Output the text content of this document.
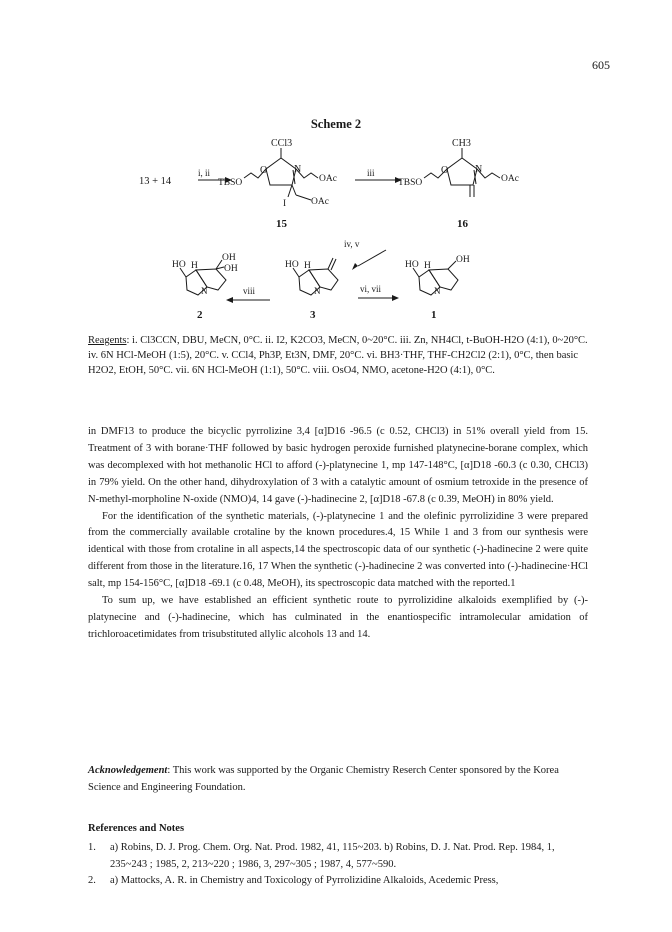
605
Scheme 2
13 + 14
i, ii	iii
iv, v
vi, vii
viii
CCl3
O	N
TBSO	OAc
I	OAc
15
CH3
O	N
TBSO	OAc
16
HO H
OH
OH
N
2
HO H
N
3
HO H
OH
N
1
Reagents: i. Cl3CCN, DBU, MeCN, 0°C. ii. I2, K2CO3, MeCN, 0~20°C. iii. Zn, NH4Cl, t-BuOH-H2O (4:1), 0~20°C. iv. 6N HCl-MeOH (1:5), 20°C. v. CCl4, Ph3P, Et3N, DMF, 20°C. vi. BH3·THF, THF-CH2Cl2 (2:1), 0°C, then basic H2O2, EtOH, 50°C. vii. 6N HCl-MeOH (1:1), 50°C. viii. OsO4, NMO, acetone-H2O (4:1), 0°C.

in DMF13 to produce the bicyclic pyrrolizine 3,4 [α]D16 -96.5 (c 0.52, CHCl3) in 51% overall yield from 15. Treatment of 3 with borane·THF followed by basic hydrogen peroxide furnished platynecine-borane complex, which was decomplexed with hot methanolic HCl to afford (-)-platynecine 1, mp 147-148°C, [α]D18 -60.3 (c 0.30, CHCl3) in 79% yield. On the other hand, dihydroxylation of 3 with a catalytic amount of osmium tetroxide in the presence of N-methyl-morpholine N-oxide (NMO)4, 14 gave (-)-hadinecine 2, [α]D18 -67.8 (c 0.39, MeOH) in 80% yield.

For the identification of the synthetic materials, (-)-platynecine 1 and the olefinic pyrrolizidine 3 were prepared from the commercially available crotaline by the known procedures.4, 15 While 1 and 3 from our synthesis were identical with those from crotaline in all aspects,14 the spectroscopic data of our synthetic (-)-hadinecine 2 were quite different from those in the literature.16, 17 When the synthetic (-)-hadinecine 2 was converted into (-)-hadinecine·HCl salt, mp 154-156°C, [α]D18 -69.1 (c 0.48, MeOH), its spectroscopic data matched with the reported.1

To sum up, we have established an efficient synthetic route to pyrrolizidine alkaloids exemplified by (-)-platynecine and (-)-hadinecine, which has culminated in the enantiospecific intramolecular amidation of trichloroacetimidates from trisubstituted allylic alcohols 13 and 14.

Acknowledgement: This work was supported by the Organic Chemistry Reserch Center sponsored by the Korea Science and Engineering Foundation.
References and Notes
1.	a) Robins, D. J. Prog. Chem. Org. Nat. Prod. 1982, 41, 115~203. b) Robins, D. J. Nat. Prod. Rep. 1984, 1, 235~243 ; 1985, 2, 213~220 ; 1986, 3, 297~305 ; 1987, 4, 577~590.
2.	a) Mattocks, A. R. in Chemistry and Toxicology of Pyrrolizidine Alkaloids, Acedemic Press,
